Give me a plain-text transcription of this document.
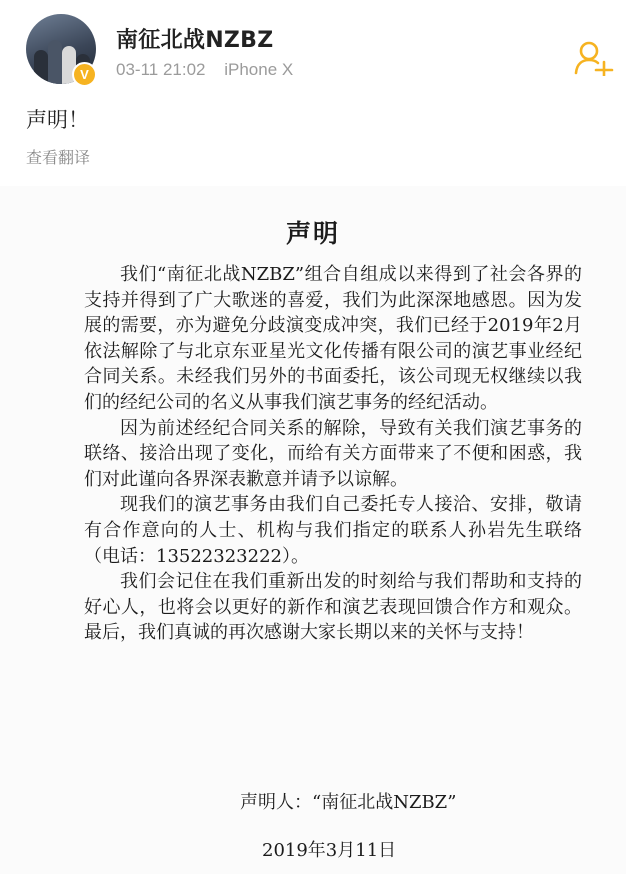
V
南征北战NZBZ
03-11 21:02 iPhone X
声明！
查看翻译
声明

我们“南征北战NZBZ”组合自组成以来得到了社会各界的支持并得到了广大歌迷的喜爱，我们为此深深地感恩。因为发展的需要，亦为避免分歧演变成冲突，我们已经于2019年2月依法解除了与北京东亚星光文化传播有限公司的演艺事业经纪合同关系。未经我们另外的书面委托，该公司现无权继续以我们的经纪公司的名义从事我们演艺事务的经纪活动。

因为前述经纪合同关系的解除，导致有关我们演艺事务的联络、接洽出现了变化，而给有关方面带来了不便和困惑，我们对此谨向各界深表歉意并请予以谅解。

现我们的演艺事务由我们自己委托专人接洽、安排，敬请有合作意向的人士、机构与我们指定的联系人孙岩先生联络（电话：13522323222）。

我们会记住在我们重新出发的时刻给与我们帮助和支持的好心人，也将会以更好的新作和演艺表现回馈合作方和观众。最后，我们真诚的再次感谢大家长期以来的关怀与支持！

声明人：“南征北战NZBZ”
2019年3月11日
